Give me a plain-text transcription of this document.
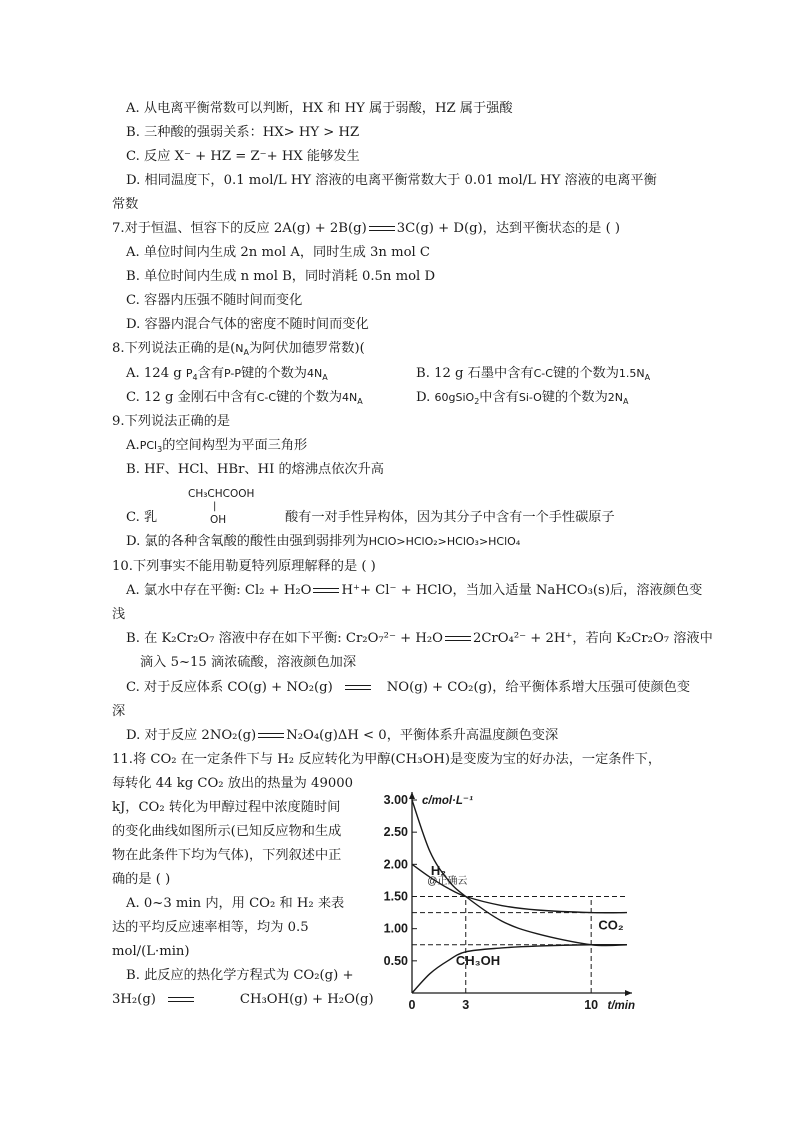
A. 从电离平衡常数可以判断，HX 和 HY 属于弱酸，HZ 属于强酸
B. 三种酸的强弱关系：HX> HY > HZ
C. 反应 X⁻ + HZ = Z⁻+ HX 能够发生
D. 相同温度下，0.1 mol/L HY 溶液的电离平衡常数大于 0.01 mol/L HY 溶液的电离平衡
常数
7.对于恒温、恒容下的反应 2A(g) + 2B(g) 3C(g) + D(g)，达到平衡状态的是 ( )
A. 单位时间内生成 2n mol A，同时生成 3n mol C
B. 单位时间内生成 n mol B，同时消耗 0.5n mol D
C. 容器内压强不随时间而变化
D. 容器内混合气体的密度不随时间而变化
8.下列说法正确的是($N_A$为阿伏加德罗常数)(
A. 124 g $P_4$含有P-P键的个数为$4N_A$	B. 12 g 石墨中含有C-C键的个数为$1.5N_A$
C. 12 g 金刚石中含有C-C键的个数为$4N_A$	D. 60gSiO$_2$中含有Si-O键的个数为$2N_A$
9.下列说法正确的是
A.PCl$_3$的空间构型为平面三角形
B. HF、HCl、HBr、HI 的熔沸点依次升高
CH₃CHCOOH
|
OH
C. 乳	酸有一对手性异构体，因为其分子中含有一个手性碳原子
D. 氯的各种含氧酸的酸性由强到弱排列为HClO>HClO₂>HClO₃>HClO₄
10.下列事实不能用勒夏特列原理解释的是 ( )
A. 氯水中存在平衡: Cl₂ + H₂O H⁺+ Cl⁻ + HClO，当加入适量 NaHCO₃(s)后，溶液颜色变
浅
B. 在 K₂Cr₂O₇ 溶液中存在如下平衡: Cr₂O₇²⁻ + H₂O 2CrO₄²⁻ + 2H⁺，若向 K₂Cr₂O₇ 溶液中
滴入 5~15 滴浓硫酸，溶液颜色加深
C. 对于反应体系 CO(g) + NO₂(g)	NO(g) + CO₂(g)，给平衡体系增大压强可使颜色变
深
D. 对于反应 2NO₂(g) N₂O₄(g)ΔH < 0，平衡体系升高温度颜色变深
11.将 CO₂ 在一定条件下与 H₂ 反应转化为甲醇(CH₃OH)是变废为宝的好办法，一定条件下，
每转化 44 kg CO₂ 放出的热量为 49000
kJ，CO₂ 转化为甲醇过程中浓度随时间
的变化曲线如图所示(已知反应物和生成
物在此条件下均为气体)，下列叙述中正
确的是 ( )
A. 0~3 min 内，用 CO₂ 和 H₂ 来表
达的平均反应速率相等，均为 0.5
mol/(L·min)
B. 此反应的热化学方程式为 CO₂(g) +
3H₂(g)	CH₃OH(g) + H₂O(g)
3.00
2.50
2.00
1.50
1.00
0.50
0	3	10
c/mol·L⁻¹
t/min
H₂
CO₂
CH₃OH
@正确云
